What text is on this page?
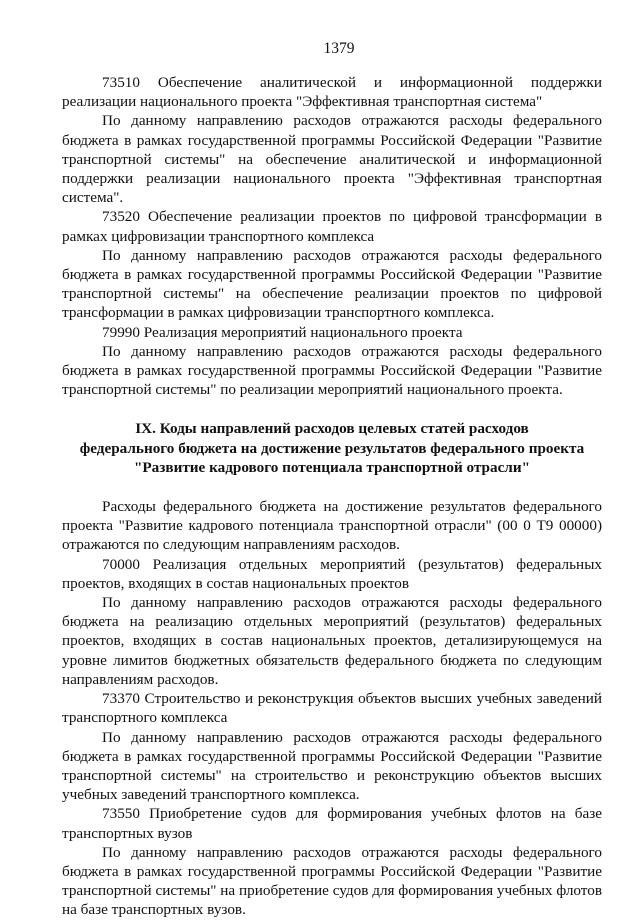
1379

73510 Обеспечение аналитической и информационной поддержки реализации национального проекта "Эффективная транспортная система"

По данному направлению расходов отражаются расходы федерального бюджета в рамках государственной программы Российской Федерации "Развитие транспортной системы" на обеспечение аналитической и информационной поддержки реализации национального проекта "Эффективная транспортная система".

73520 Обеспечение реализации проектов по цифровой трансформации в рамках цифровизации транспортного комплекса

По данному направлению расходов отражаются расходы федерального бюджета в рамках государственной программы Российской Федерации "Развитие транспортной системы" на обеспечение реализации проектов по цифровой трансформации в рамках цифровизации транспортного комплекса.

79990 Реализация мероприятий национального проекта

По данному направлению расходов отражаются расходы федерального бюджета в рамках государственной программы Российской Федерации "Развитие транспортной системы" по реализации мероприятий национального проекта.

IX. Коды направлений расходов целевых статей расходов
федерального бюджета на достижение результатов федерального проекта
"Развитие кадрового потенциала транспортной отрасли"

Расходы федерального бюджета на достижение результатов федерального проекта "Развитие кадрового потенциала транспортной отрасли" (00 0 Т9 00000) отражаются по следующим направлениям расходов.

70000 Реализация отдельных мероприятий (результатов) федеральных проектов, входящих в состав национальных проектов

По данному направлению расходов отражаются расходы федерального бюджета на реализацию отдельных мероприятий (результатов) федеральных проектов, входящих в состав национальных проектов, детализирующемуся на уровне лимитов бюджетных обязательств федерального бюджета по следующим направлениям расходов.

73370 Строительство и реконструкция объектов высших учебных заведений транспортного комплекса

По данному направлению расходов отражаются расходы федерального бюджета в рамках государственной программы Российской Федерации "Развитие транспортной системы" на строительство и реконструкцию объектов высших учебных заведений транспортного комплекса.

73550 Приобретение судов для формирования учебных флотов на базе транспортных вузов

По данному направлению расходов отражаются расходы федерального бюджета в рамках государственной программы Российской Федерации "Развитие транспортной системы" на приобретение судов для формирования учебных флотов на базе транспортных вузов.
